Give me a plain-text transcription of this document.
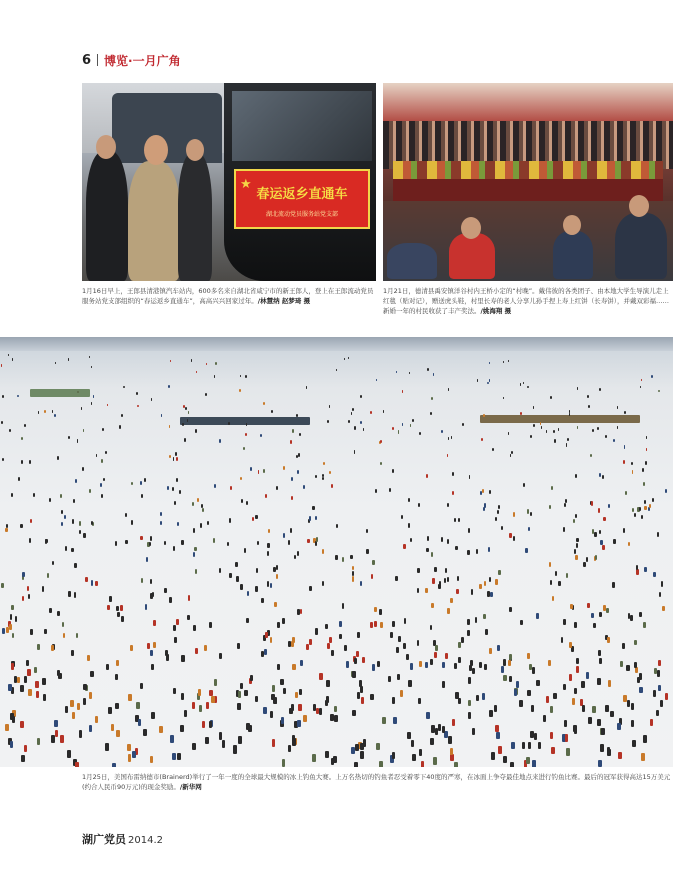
6 博览·一月广角
★
春运返乡直通车
湖北流动党员服务站党支部
1月16日早上，王郎县清港镇汽车站内，600多名来自湖北省咸宁市的新王郎人，登上在王郎流动党员服务站党支部组织的“春运返乡直通车”，高高兴兴回家过年。/林慧纳 赵梦琦 摄
1月21日，德清县禹安镇洋谷村内王桥小定的“村晚”。戴伟彼的各类团子、由本地大学生导演儿走上红毯（贴对记），赠送虎头鞋，村里长寿的老人分享儿孙手捏上寿上红饼（长寿饼），并戴双彩福……新婚一年的村民收获了丰产奖法。/姚海翔 摄
1月25日，美国布雷纳德市(Brainerd)举行了一年一度的全球最大规模的冰上钓鱼大赛。上万名热切的钓鱼者忍受着零下40度的严寒，在冰面上争夺最佳地点来进行钓鱼比赛。最后的冠军获得高达15万美元(约合人民币90万元)的现金奖励。/新华网
湖广党员 2014.2
